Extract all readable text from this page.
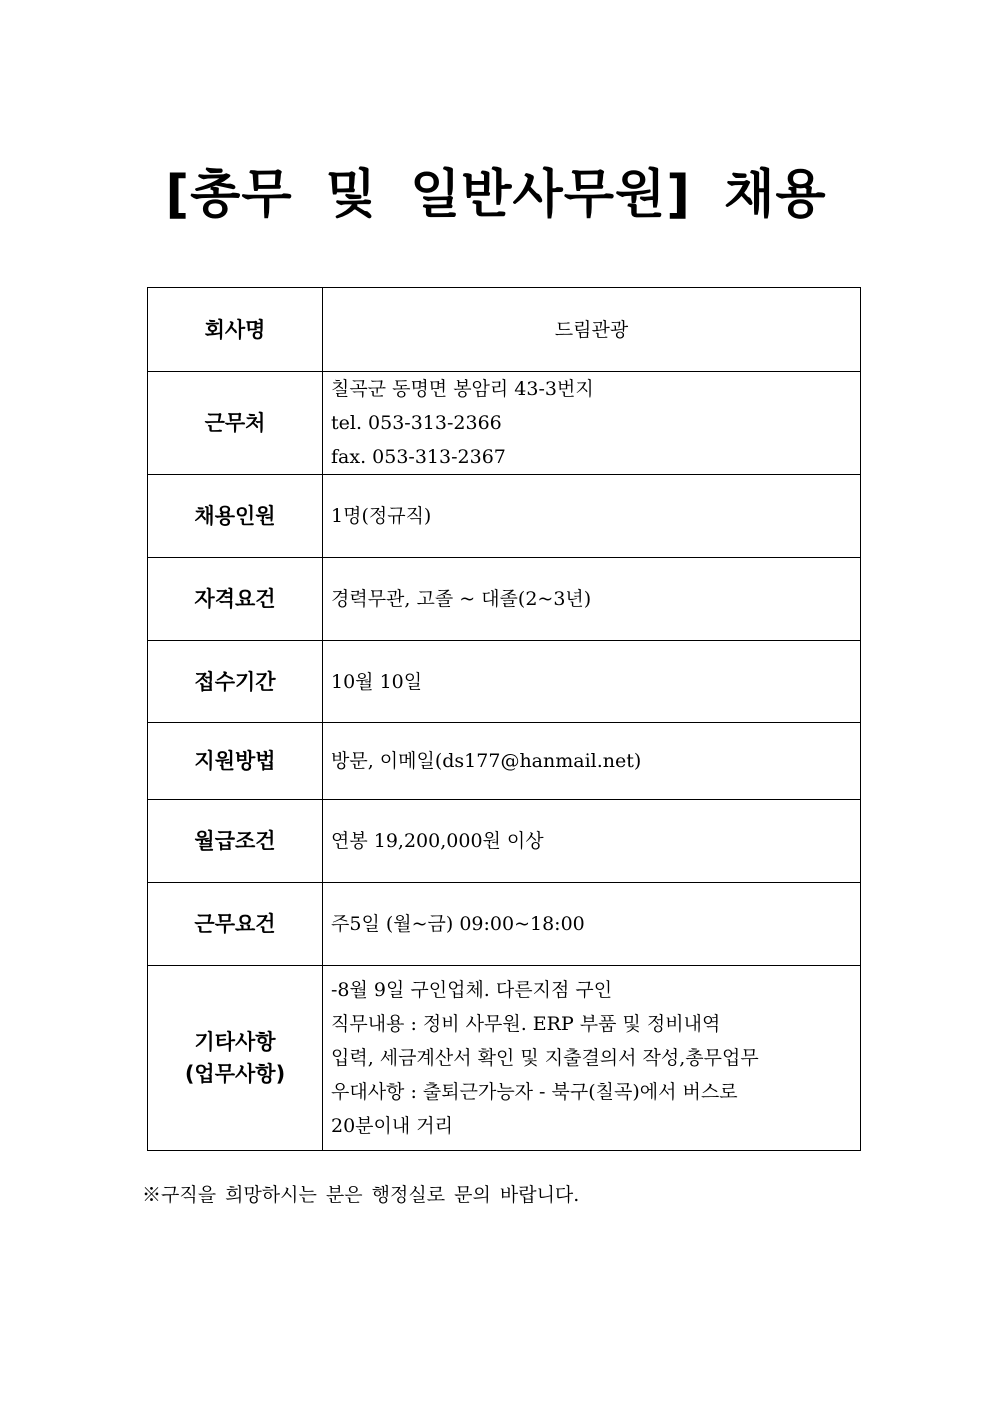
[총무 및 일반사무원] 채용
회사명	드림관광

근무처	칠곡군 동명면 봉암리 43-3번지
tel. 053-313-2366
fax. 053-313-2367

채용인원	1명(정규직)

자격요건	경력무관, 고졸 ~ 대졸(2~3년)

접수기간	10월 10일

지원방법	방문, 이메일(ds177@hanmail.net)

월급조건	연봉 19,200,000원 이상

근무요건	주5일 (월~금) 09:00~18:00

기타사항
(업무사항)	-8월 9일 구인업체. 다른지점 구인
직무내용 : 정비 사무원. ERP 부품 및 정비내역
입력, 세금계산서 확인 및 지출결의서 작성,총무업무
우대사항 : 출퇴근가능자 - 북구(칠곡)에서 버스로
20분이내 거리
※구직을 희망하시는 분은 행정실로 문의 바랍니다.
